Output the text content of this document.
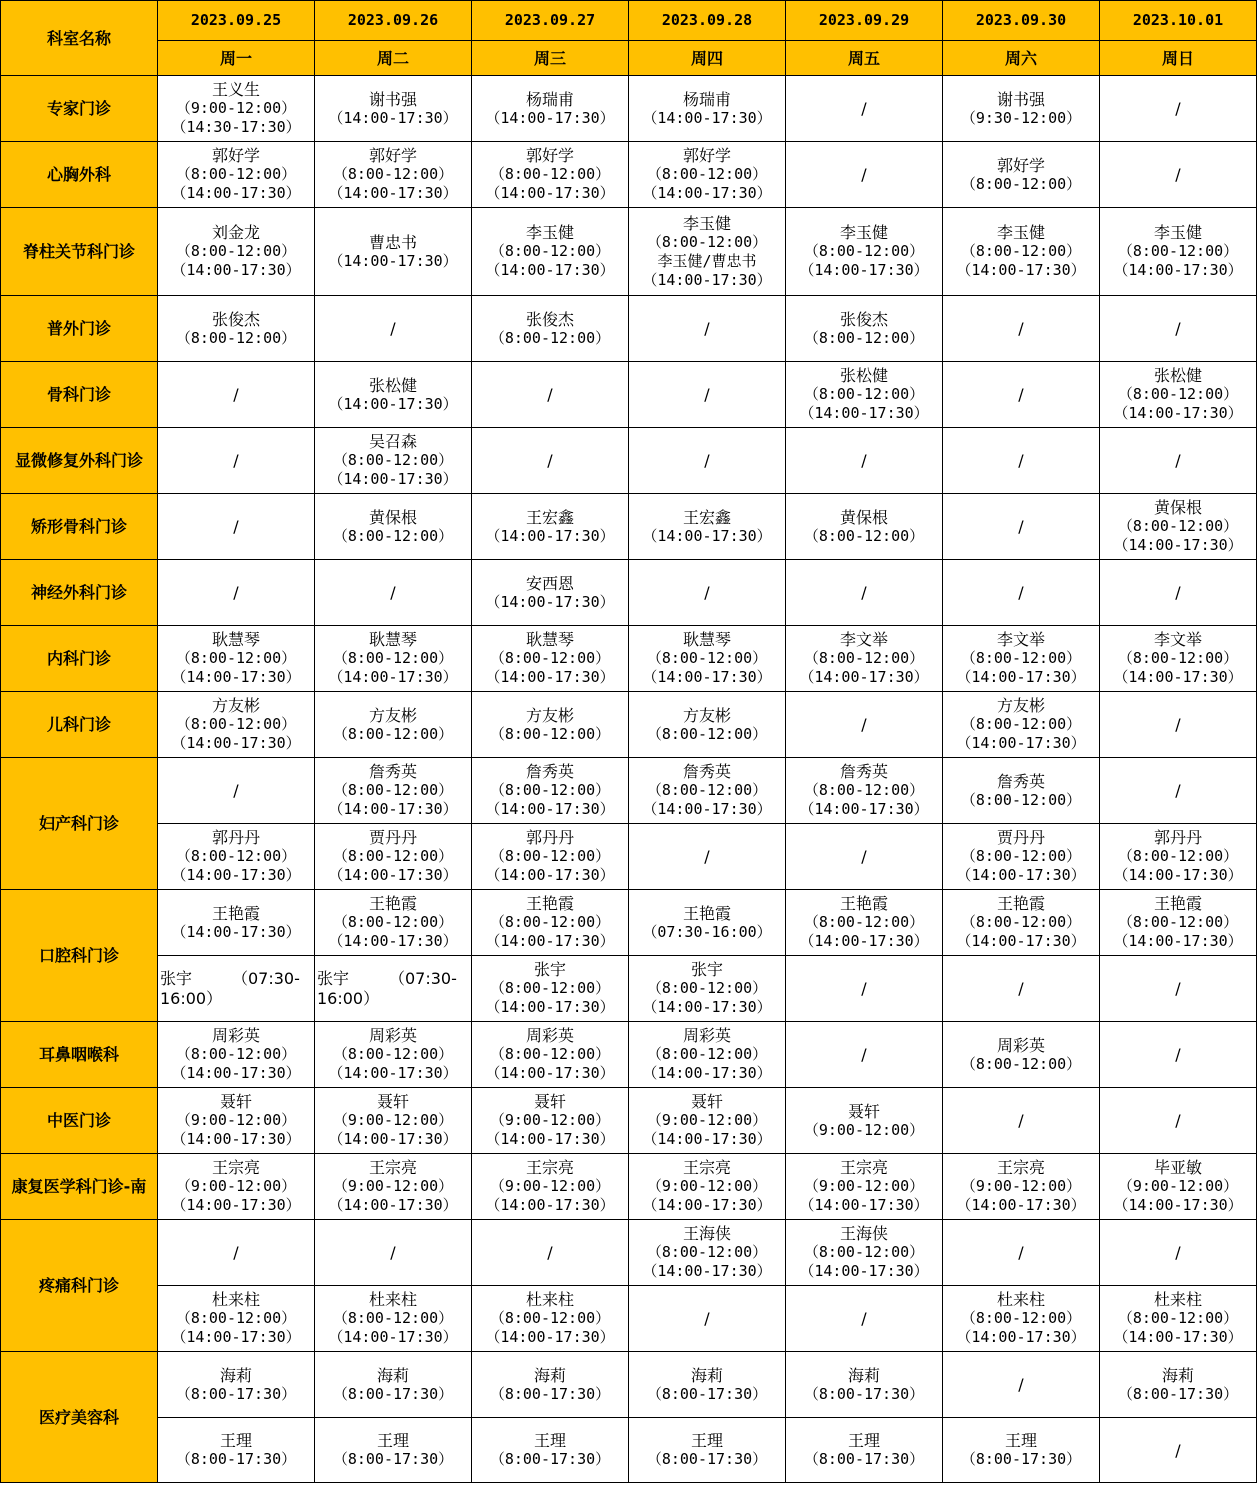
科室名称	2023.09.25	2023.09.26	2023.09.27	2023.09.28	2023.09.29	2023.09.30	2023.10.01
	周一	周二	周三	周四	周五	周六	周日
专家门诊	王义生
（9:00-12:00）
（14:30-17:30）	谢书强
（14:00-17:30）	杨瑞甫
（14:00-17:30）	杨瑞甫
（14:00-17:30）	/	谢书强
（9:30-12:00）	/

心胸外科	郭好学
（8:00-12:00）
（14:00-17:30）	郭好学
（8:00-12:00）
（14:00-17:30）	郭好学
（8:00-12:00）
（14:00-17:30）	郭好学
（8:00-12:00）
（14:00-17:30）	/	郭好学
（8:00-12:00）	/

脊柱关节科门诊	刘金龙
（8:00-12:00）
（14:00-17:30）	曹忠书
（14:00-17:30）	李玉健
（8:00-12:00）
（14:00-17:30）	李玉健
（8:00-12:00）
李玉健/曹忠书
（14:00-17:30）	李玉健
（8:00-12:00）
（14:00-17:30）	李玉健
（8:00-12:00）
（14:00-17:30）	李玉健
（8:00-12:00）
（14:00-17:30）

普外门诊	张俊杰
（8:00-12:00）	/	张俊杰
（8:00-12:00）	/	张俊杰
（8:00-12:00）	/	/

骨科门诊	/	张松健
（14:00-17:30）	/	/	张松健
（8:00-12:00）
（14:00-17:30）	/	张松健
（8:00-12:00）
（14:00-17:30）

显微修复外科门诊	/	吴召森
（8:00-12:00）
（14:00-17:30）	/	/	/	/	/

矫形骨科门诊	/	黄保根
（8:00-12:00）	王宏鑫
（14:00-17:30）	王宏鑫
（14:00-17:30）	黄保根
（8:00-12:00）	/	黄保根
（8:00-12:00）
（14:00-17:30）

神经外科门诊	/	/	安西恩
（14:00-17:30）	/	/	/	/

内科门诊	耿慧琴
（8:00-12:00）
（14:00-17:30）	耿慧琴
（8:00-12:00）
（14:00-17:30）	耿慧琴
（8:00-12:00）
（14:00-17:30）	耿慧琴
（8:00-12:00）
（14:00-17:30）	李文举
（8:00-12:00）
（14:00-17:30）	李文举
（8:00-12:00）
（14:00-17:30）	李文举
（8:00-12:00）
（14:00-17:30）

儿科门诊	方友彬
（8:00-12:00）
（14:00-17:30）	方友彬
（8:00-12:00）	方友彬
（8:00-12:00）	方友彬
（8:00-12:00）	/	方友彬
（8:00-12:00）
（14:00-17:30）	/

妇产科门诊	/	詹秀英
（8:00-12:00）
（14:00-17:30）	詹秀英
（8:00-12:00）
（14:00-17:30）	詹秀英
（8:00-12:00）
（14:00-17:30）	詹秀英
（8:00-12:00）
（14:00-17:30）	詹秀英
（8:00-12:00）	/

	郭丹丹
（8:00-12:00）
（14:00-17:30）	贾丹丹
（8:00-12:00）
（14:00-17:30）	郭丹丹
（8:00-12:00）
（14:00-17:30）	/	/	贾丹丹
（8:00-12:00）
（14:00-17:30）	郭丹丹
（8:00-12:00）
（14:00-17:30）

口腔科门诊	王艳霞
（14:00-17:30）	王艳霞
（8:00-12:00）
（14:00-17:30）	王艳霞
（8:00-12:00）
（14:00-17:30）	王艳霞
（07:30-16:00）	王艳霞
（8:00-12:00）
（14:00-17:30）	王艳霞
（8:00-12:00）
（14:00-17:30）	王艳霞
（8:00-12:00）
（14:00-17:30）

	张宇　　　（07:30-16:00）	张宇　　　（07:30-16:00）	张宇
（8:00-12:00）
（14:00-17:30）	张宇
（8:00-12:00）
（14:00-17:30）	/	/	/

耳鼻咽喉科	周彩英
（8:00-12:00）
（14:00-17:30）	周彩英
（8:00-12:00）
（14:00-17:30）	周彩英
（8:00-12:00）
（14:00-17:30）	周彩英
（8:00-12:00）
（14:00-17:30）	/	周彩英
（8:00-12:00）	/

中医门诊	聂轩
（9:00-12:00）
（14:00-17:30）	聂轩
（9:00-12:00）
（14:00-17:30）	聂轩
（9:00-12:00）
（14:00-17:30）	聂轩
（9:00-12:00）
（14:00-17:30）	聂轩
（9:00-12:00）	/	/

康复医学科门诊-南	王宗亮
（9:00-12:00）
（14:00-17:30）	王宗亮
（9:00-12:00）
（14:00-17:30）	王宗亮
（9:00-12:00）
（14:00-17:30）	王宗亮
（9:00-12:00）
（14:00-17:30）	王宗亮
（9:00-12:00）
（14:00-17:30）	王宗亮
（9:00-12:00）
（14:00-17:30）	毕亚敏
（9:00-12:00）
（14:00-17:30）

疼痛科门诊	/	/	/	王海侠
（8:00-12:00）
（14:00-17:30）	王海侠
（8:00-12:00）
（14:00-17:30）	/	/

	杜来柱
（8:00-12:00）
（14:00-17:30）	杜来柱
（8:00-12:00）
（14:00-17:30）	杜来柱
（8:00-12:00）
（14:00-17:30）	/	/	杜来柱
（8:00-12:00）
（14:00-17:30）	杜来柱
（8:00-12:00）
（14:00-17:30）

医疗美容科	海莉
（8:00-17:30）	海莉
（8:00-17:30）	海莉
（8:00-17:30）	海莉
（8:00-17:30）	海莉
（8:00-17:30）	/	海莉
（8:00-17:30）

	王理
（8:00-17:30）	王理
（8:00-17:30）	王理
（8:00-17:30）	王理
（8:00-17:30）	王理
（8:00-17:30）	王理
（8:00-17:30）	/
